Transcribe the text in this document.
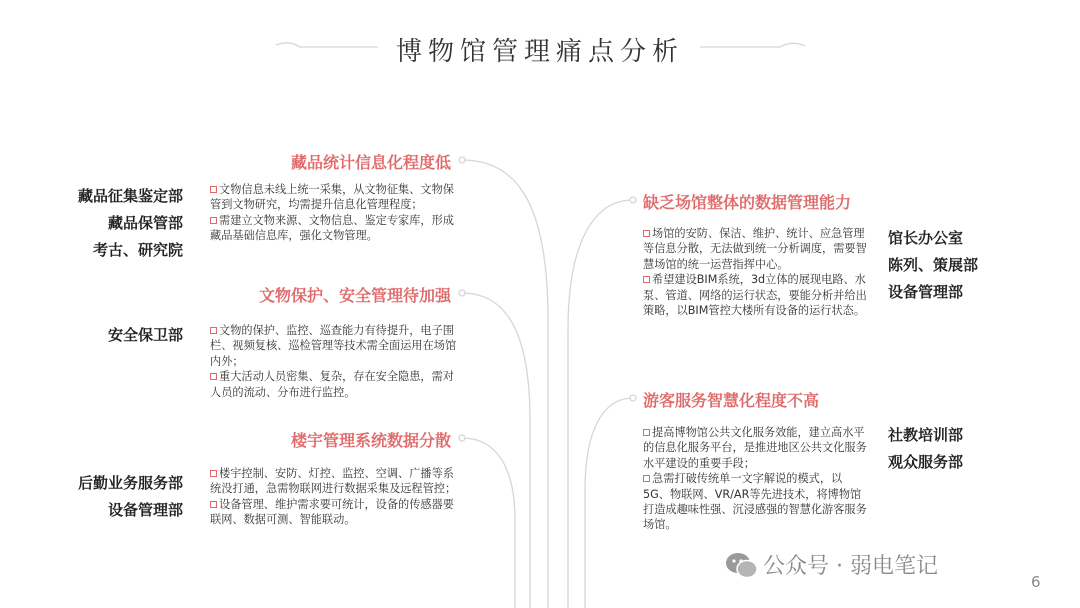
博物馆管理痛点分析
藏品统计信息化程度低

文物信息未线上统一采集，从文物征集、文物保管到文物研究，均需提升信息化管理程度；

需建立文物来源、文物信息、鉴定专家库，形成藏品基础信息库，强化文物管理。

藏品征集鉴定部
藏品保管部
考古、研究院
文物保护、安全管理待加强

文物的保护、监控、巡查能力有待提升，电子围栏、视频复核、巡检管理等技术需全面运用在场馆内外；

重大活动人员密集、复杂，存在安全隐患，需对人员的流动、分布进行监控。

安全保卫部
楼宇管理系统数据分散

楼宇控制、安防、灯控、监控、空调、广播等系统没打通，急需物联网进行数据采集及远程管控；

设备管理、维护需求要可统计，设备的传感器要联网、数据可测、智能联动。

后勤业务服务部
设备管理部
缺乏场馆整体的数据管理能力

场馆的安防、保洁、维护、统计、应急管理等信息分散，无法做到统一分析调度，需要智慧场馆的统一运营指挥中心。

希望建设BIM系统，3d立体的展现电路、水泵、管道、网络的运行状态，要能分析并给出策略，以BIM管控大楼所有设备的运行状态。

馆长办公室
陈列、策展部
设备管理部
游客服务智慧化程度不高

提高博物馆公共文化服务效能，建立高水平的信息化服务平台，是推进地区公共文化服务水平建设的重要手段；

急需打破传统单一文字解说的模式，以5G、物联网、VR/AR等先进技术，将博物馆打造成趣味性强、沉浸感强的智慧化游客服务场馆。

社教培训部
观众服务部
公众号 · 弱电笔记
6
